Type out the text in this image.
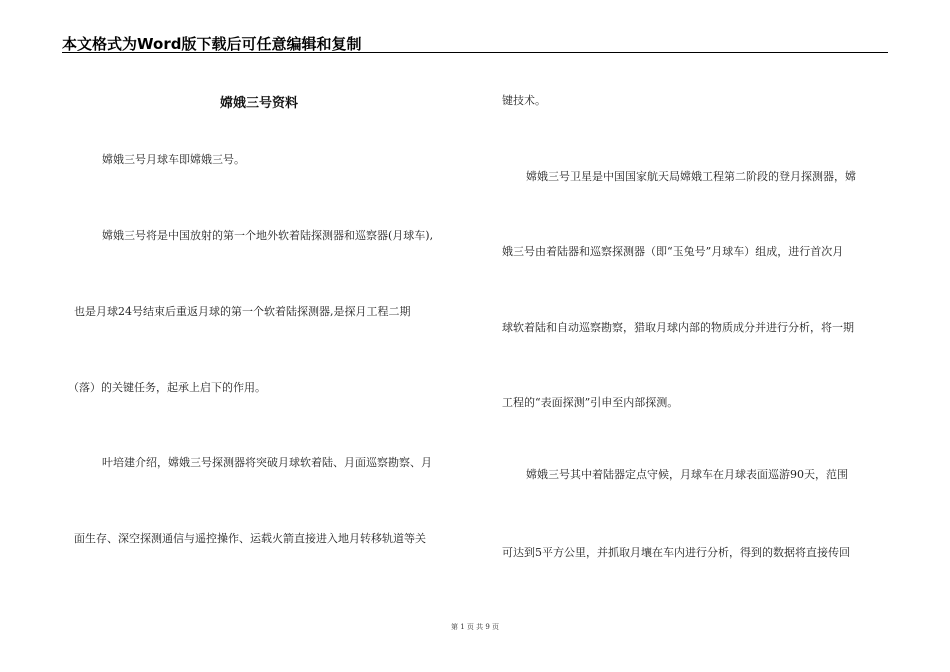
本文格式为Word版下载后可任意编辑和复制
嫦娥三号资料
嫦娥三号月球车即嫦娥三号。
嫦娥三号将是中国放射的第一个地外软着陆探测器和巡察器(月球车),
也是月球24号结束后重返月球的第一个软着陆探测器,是探月工程二期
（落）的关键任务，起承上启下的作用。
叶培建介绍，嫦娥三号探测器将突破月球软着陆、月面巡察勘察、月
面生存、深空探测通信与遥控操作、运载火箭直接进入地月转移轨道等关
键技术。
嫦娥三号卫星是中国国家航天局嫦娥工程第二阶段的登月探测器，嫦
娥三号由着陆器和巡察探测器（即“玉兔号”月球车）组成，进行首次月
球软着陆和自动巡察勘察，猎取月球内部的物质成分并进行分析，将一期
工程的“表面探测”引申至内部探测。
嫦娥三号其中着陆器定点守候，月球车在月球表面巡游90天，范围
可达到5平方公里，并抓取月壤在车内进行分析，得到的数据将直接传回
第 1 页 共 9 页
